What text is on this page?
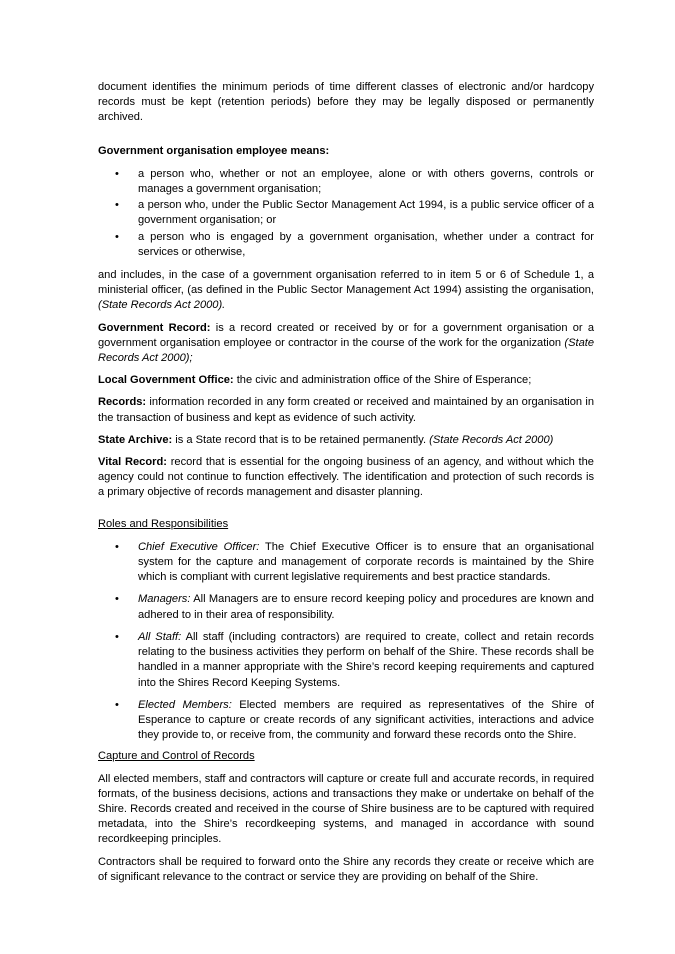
document identifies the minimum periods of time different classes of electronic and/or hardcopy records must be kept (retention periods) before they may be legally disposed or permanently archived.

Government organisation employee means:

• a person who, whether or not an employee, alone or with others governs, controls or manages a government organisation;
• a person who, under the Public Sector Management Act 1994, is a public service officer of a government organisation; or
• a person who is engaged by a government organisation, whether under a contract for services or otherwise,

and includes, in the case of a government organisation referred to in item 5 or 6 of Schedule 1, a ministerial officer, (as defined in the Public Sector Management Act 1994) assisting the organisation, (State Records Act 2000).

Government Record: is a record created or received by or for a government organisation or a government organisation employee or contractor in the course of the work for the organization (State Records Act 2000);

Local Government Office: the civic and administration office of the Shire of Esperance;

Records: information recorded in any form created or received and maintained by an organisation in the transaction of business and kept as evidence of such activity.

State Archive: is a State record that is to be retained permanently. (State Records Act 2000)

Vital Record: record that is essential for the ongoing business of an agency, and without which the agency could not continue to function effectively. The identification and protection of such records is a primary objective of records management and disaster planning.

Roles and Responsibilities

• Chief Executive Officer: The Chief Executive Officer is to ensure that an organisational system for the capture and management of corporate records is maintained by the Shire which is compliant with current legislative requirements and best practice standards.
• Managers: All Managers are to ensure record keeping policy and procedures are known and adhered to in their area of responsibility.
• All Staff: All staff (including contractors) are required to create, collect and retain records relating to the business activities they perform on behalf of the Shire. These records shall be handled in a manner appropriate with the Shire’s record keeping requirements and captured into the Shires Record Keeping Systems.
• Elected Members: Elected members are required as representatives of the Shire of Esperance to capture or create records of any significant activities, interactions and advice they provide to, or receive from, the community and forward these records onto the Shire.

Capture and Control of Records

All elected members, staff and contractors will capture or create full and accurate records, in required formats, of the business decisions, actions and transactions they make or undertake on behalf of the Shire. Records created and received in the course of Shire business are to be captured with required metadata, into the Shire’s recordkeeping systems, and managed in accordance with sound recordkeeping principles.

Contractors shall be required to forward onto the Shire any records they create or receive which are of significant relevance to the contract or service they are providing on behalf of the Shire.
